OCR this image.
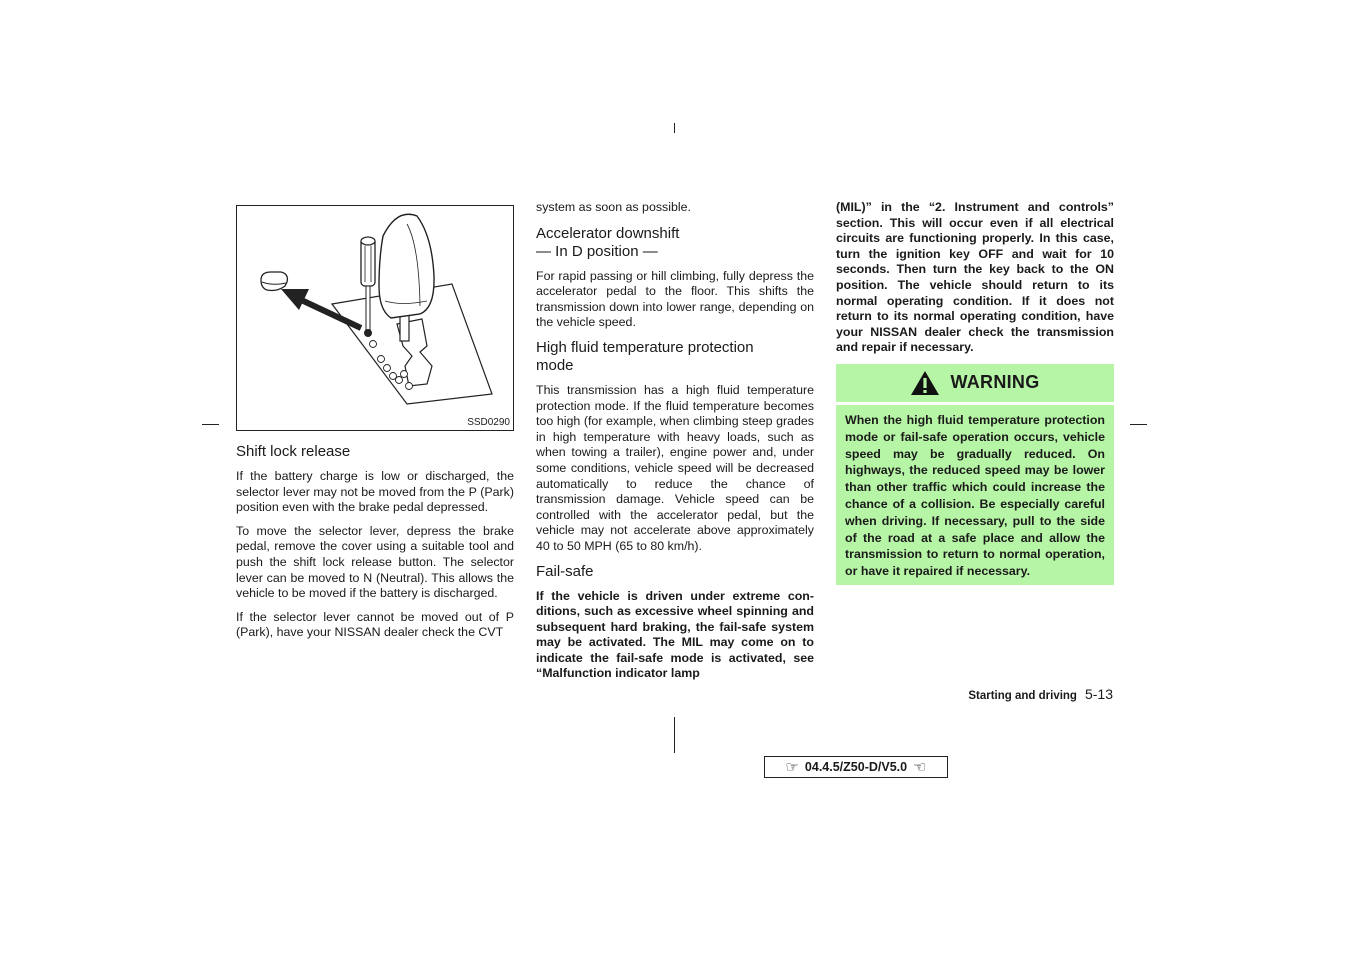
SSD0290
Shift lock release

If the battery charge is low or discharged, the selector lever may not be moved from the P (Park) position even with the brake pedal depressed.

To move the selector lever, depress the brake pedal, remove the cover using a suitable tool and push the shift lock release button. The selector lever can be moved to N (Neutral). This allows the vehicle to be moved if the battery is discharged.

If the selector lever cannot be moved out of P (Park), have your NISSAN dealer check the CVT

system as soon as possible.

Accelerator downshift
— In D position —

For rapid passing or hill climbing, fully depress the accelerator pedal to the floor. This shifts the transmission down into lower range, depending on the vehicle speed.

High fluid temperature protection mode

This transmission has a high fluid temperature protection mode. If the fluid temperature becomes too high (for example, when climbing steep grades in high temperature with heavy loads, such as when towing a trailer), engine power and, under some conditions, vehicle speed will be decreased automatically to reduce the chance of transmission damage. Vehicle speed can be controlled with the accelerator pedal, but the vehicle may not accelerate above approximately 40 to 50 MPH (65 to 80 km/h).

Fail-safe

If the vehicle is driven under extreme conditions, such as excessive wheel spinning and subsequent hard braking, the fail-safe system may be activated. The MIL may come on to indicate the fail-safe mode is activated, see “Malfunction indicator lamp

(MIL)” in the “2. Instrument and controls” section. This will occur even if all electrical circuits are functioning properly. In this case, turn the ignition key OFF and wait for 10 seconds. Then turn the key back to the ON position. The vehicle should return to its normal operating condition. If it does not return to its normal operating condition, have your NISSAN dealer check the transmission and repair if necessary.

WARNING
When the high fluid temperature protection mode or fail-safe operation occurs, vehicle speed may be gradually reduced. On highways, the reduced speed may be lower than other traffic which could increase the chance of a collision. Be especially careful when driving. If necessary, pull to the side of the road at a safe place and allow the transmission to return to normal operation, or have it repaired if necessary.
Starting and driving 5-13
☞ 04.4.5/Z50-D/V5.0 ☜
